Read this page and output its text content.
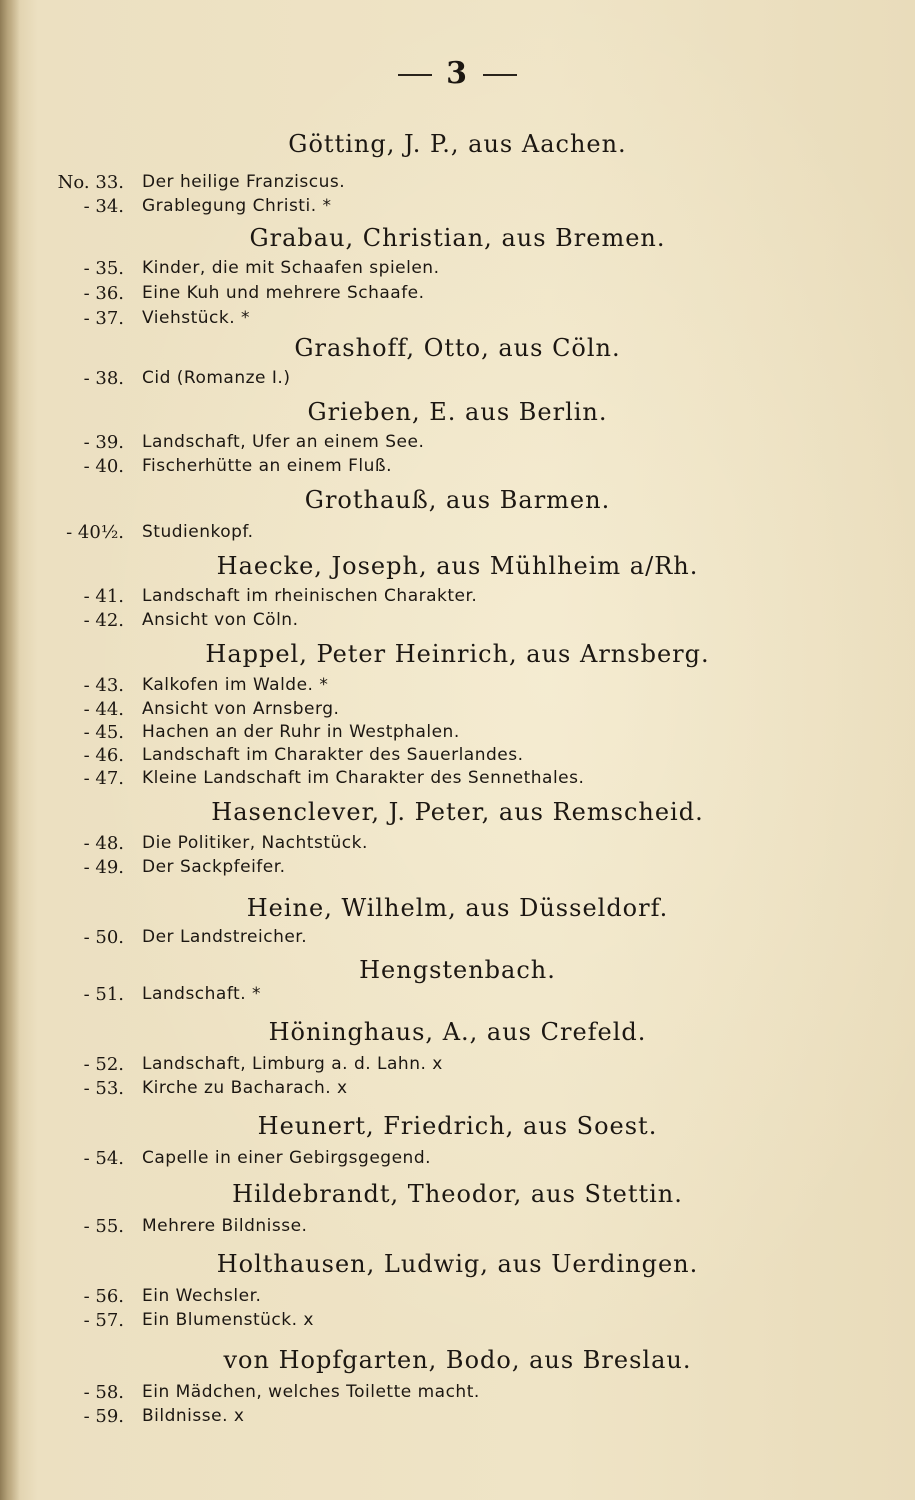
3
Götting, J. P., aus Aachen.
No. 33. Der heilige Franziscus.
- 34. Grablegung Christi. *
Grabau, Christian, aus Bremen.
- 35. Kinder, die mit Schaafen spielen.
- 36. Eine Kuh und mehrere Schaafe.
- 37. Viehstück. *
Grashoff, Otto, aus Cöln.
- 38. Cid (Romanze I.)
Grieben, E. aus Berlin.
- 39. Landschaft, Ufer an einem See.
- 40. Fischerhütte an einem Fluß.
Grothauß, aus Barmen.
- 40½. Studienkopf.
Haecke, Joseph, aus Mühlheim a/Rh.
- 41. Landschaft im rheinischen Charakter.
- 42. Ansicht von Cöln.
Happel, Peter Heinrich, aus Arnsberg.
- 43. Kalkofen im Walde. *
- 44. Ansicht von Arnsberg.
- 45. Hachen an der Ruhr in Westphalen.
- 46. Landschaft im Charakter des Sauerlandes.
- 47. Kleine Landschaft im Charakter des Sennethales.
Hasenclever, J. Peter, aus Remscheid.
- 48. Die Politiker, Nachtstück.
- 49. Der Sackpfeifer.
Heine, Wilhelm, aus Düsseldorf.
- 50. Der Landstreicher.
Hengstenbach.
- 51. Landschaft. *
Höninghaus, A., aus Crefeld.
- 52. Landschaft, Limburg a. d. Lahn. x
- 53. Kirche zu Bacharach. x
Heunert, Friedrich, aus Soest.
- 54. Capelle in einer Gebirgsgegend.
Hildebrandt, Theodor, aus Stettin.
- 55. Mehrere Bildnisse.
Holthausen, Ludwig, aus Uerdingen.
- 56. Ein Wechsler.
- 57. Ein Blumenstück. x
von Hopfgarten, Bodo, aus Breslau.
- 58. Ein Mädchen, welches Toilette macht.
- 59. Bildnisse. x
